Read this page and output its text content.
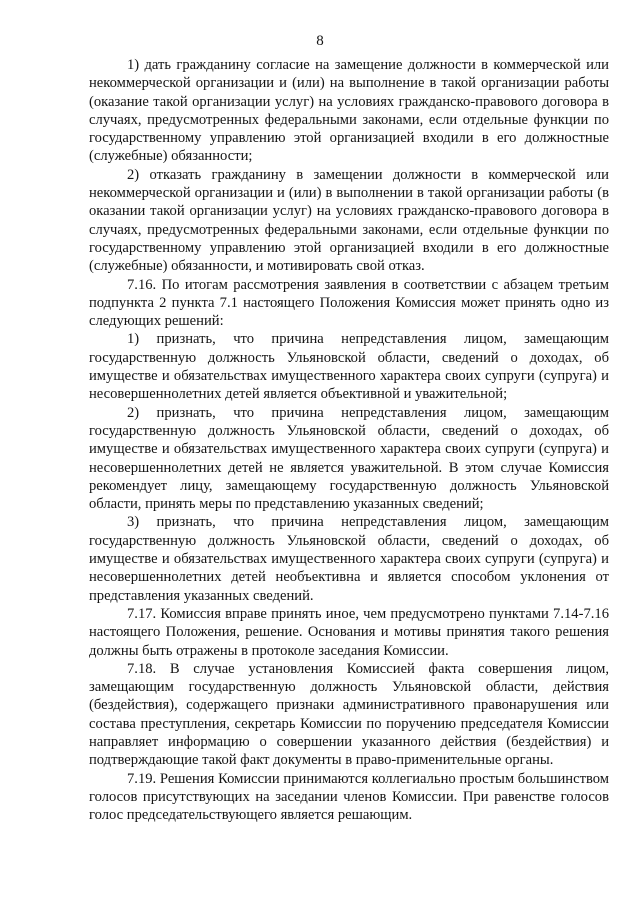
8

1) дать гражданину согласие на замещение должности в коммерческой или некоммерческой организации и (или) на выполнение в такой организации работы (оказание такой организации услуг) на условиях гражданско-правового договора в случаях, предусмотренных федеральными законами, если отдельные функции по государственному управлению этой организацией входили в его должностные (служебные) обязанности;

2) отказать гражданину в замещении должности в коммерческой или некоммерческой организации и (или) в выполнении в такой организации работы (в оказании такой организации услуг) на условиях гражданско-правового договора в случаях, предусмотренных федеральными законами, если отдельные функции по государственному управлению этой организацией входили в его должностные (служебные) обязанности, и мотивировать свой отказ.

7.16. По итогам рассмотрения заявления в соответствии с абзацем третьим подпункта 2 пункта 7.1 настоящего Положения Комиссия может принять одно из следующих решений:

1) признать, что причина непредставления лицом, замещающим государственную должность Ульяновской области, сведений о доходах, об имуществе и обязательствах имущественного характера своих супруги (супруга) и несовершеннолетних детей является объективной и уважительной;

2) признать, что причина непредставления лицом, замещающим государственную должность Ульяновской области, сведений о доходах, об имуществе и обязательствах имущественного характера своих супруги (супруга) и несовершеннолетних детей не является уважительной. В этом случае Комиссия рекомендует лицу, замещающему государственную должность Ульяновской области, принять меры по представлению указанных сведений;

3) признать, что причина непредставления лицом, замещающим государственную должность Ульяновской области, сведений о доходах, об имуществе и обязательствах имущественного характера своих супруги (супруга) и несовершеннолетних детей необъективна и является способом уклонения от представления указанных сведений.

7.17. Комиссия вправе принять иное, чем предусмотрено пунктами 7.14-7.16 настоящего Положения, решение. Основания и мотивы принятия такого решения должны быть отражены в протоколе заседания Комиссии.

7.18. В случае установления Комиссией факта совершения лицом, замещающим государственную должность Ульяновской области, действия (бездействия), содержащего признаки административного правонарушения или состава преступления, секретарь Комиссии по поручению председателя Комиссии направляет информацию о совершении указанного действия (бездействия) и подтверждающие такой факт документы в право-применительные органы.

7.19. Решения Комиссии принимаются коллегиально простым большинством голосов присутствующих на заседании членов Комиссии. При равенстве голосов голос председательствующего является решающим.
